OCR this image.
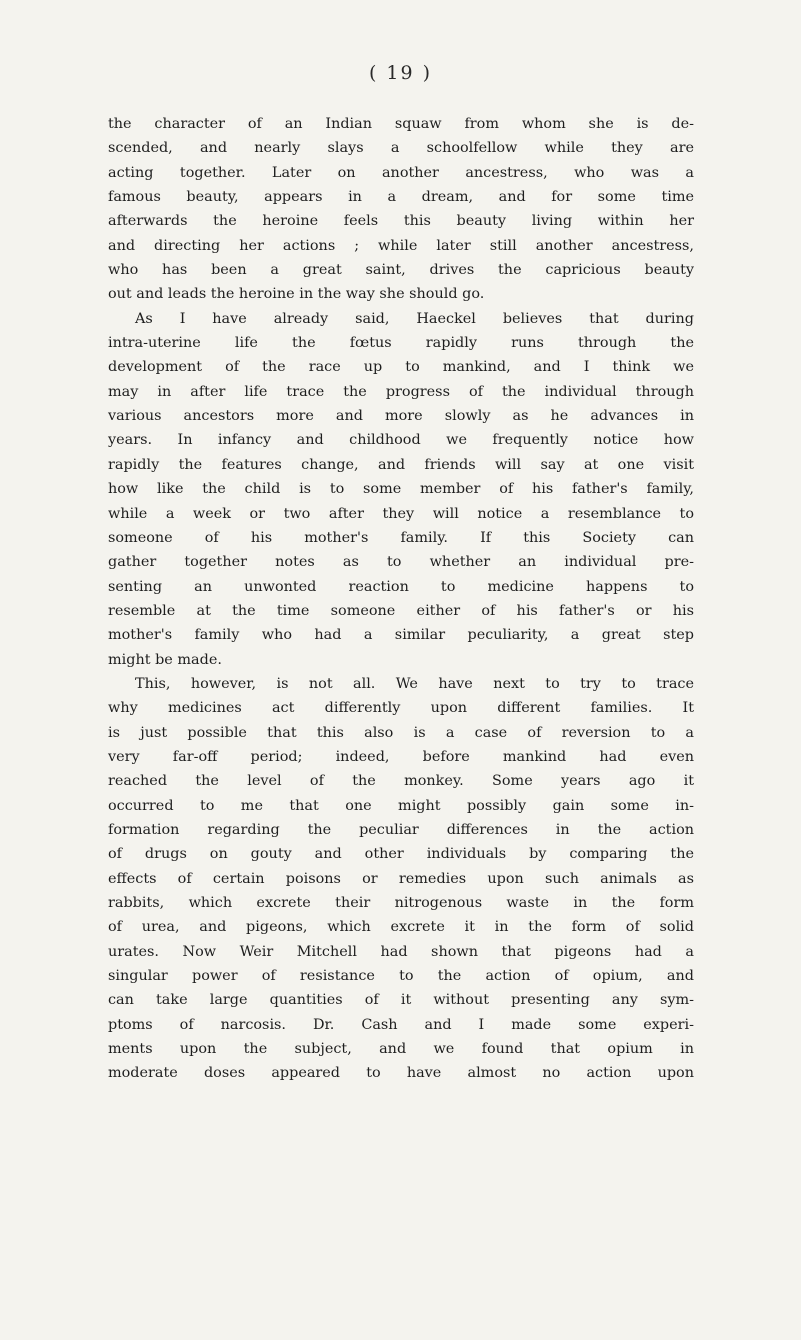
( 19 )
the character of an Indian squaw from whom she is de-
scended, and nearly slays a schoolfellow while they are
acting together. Later on another ancestress, who was a
famous beauty, appears in a dream, and for some time
afterwards the heroine feels this beauty living within her
and directing her actions ; while later still another ancestress,
who has been a great saint, drives the capricious beauty
out and leads the heroine in the way she should go.
As I have already said, Haeckel believes that during
intra-uterine life the fœtus rapidly runs through the
development of the race up to mankind, and I think we
may in after life trace the progress of the individual through
various ancestors more and more slowly as he advances in
years. In infancy and childhood we frequently notice how
rapidly the features change, and friends will say at one visit
how like the child is to some member of his father's family,
while a week or two after they will notice a resemblance to
someone of his mother's family. If this Society can
gather together notes as to whether an individual pre-
senting an unwonted reaction to medicine happens to
resemble at the time someone either of his father's or his
mother's family who had a similar peculiarity, a great step
might be made.
This, however, is not all. We have next to try to trace
why medicines act differently upon different families. It
is just possible that this also is a case of reversion to a
very far-off period; indeed, before mankind had even
reached the level of the monkey. Some years ago it
occurred to me that one might possibly gain some in-
formation regarding the peculiar differences in the action
of drugs on gouty and other individuals by comparing the
effects of certain poisons or remedies upon such animals as
rabbits, which excrete their nitrogenous waste in the form
of urea, and pigeons, which excrete it in the form of solid
urates. Now Weir Mitchell had shown that pigeons had a
singular power of resistance to the action of opium, and
can take large quantities of it without presenting any sym-
ptoms of narcosis. Dr. Cash and I made some experi-
ments upon the subject, and we found that opium in
moderate doses appeared to have almost no action upon
